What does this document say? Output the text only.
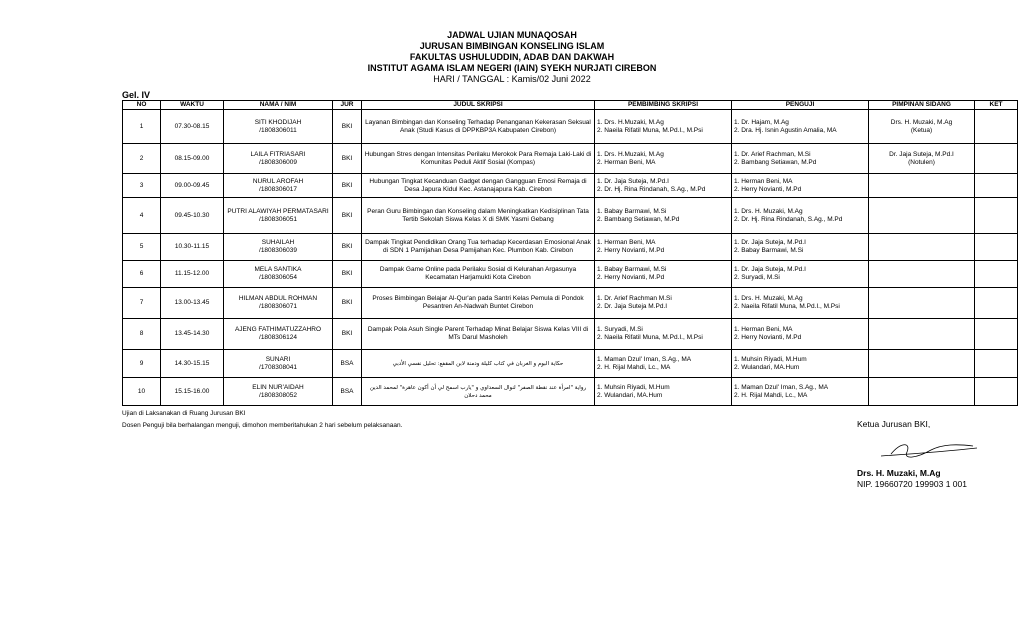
JADWAL UJIAN MUNAQOSAH
JURUSAN BIMBINGAN KONSELING ISLAM
FAKULTAS USHULUDDIN, ADAB DAN DAKWAH
INSTITUT AGAMA ISLAM NEGERI (IAIN) SYEKH NURJATI CIREBON
HARI / TANGGAL : Kamis/02 Juni 2022
Gel. IV
NO	WAKTU	NAMA / NIM	JUR	JUDUL SKRIPSI	PEMBIMBING SKRIPSI	PENGUJI	PIMPINAN SIDANG	KET
1	07.30-08.15	SITI KHODIJAH
/1808306011	BKI	Layanan Bimbingan dan Konseling Terhadap Penanganan Kekerasan Seksual Anak (Studi Kasus di DPPKBP3A Kabupaten Cirebon)	1. Drs. H.Muzaki, M.Ag
2. Naeila Rifatil Muna, M.Pd.I., M.Psi	1. Dr. Hajam, M.Ag
2. Dra. Hj. Isnin Agustin Amalia, MA	Drs. H. Muzaki, M.Ag
(Ketua)	

2	08.15-09.00	LAILA FITRIASARI
/1808306009	BKI	Hubungan Stres dengan Intensitas Perilaku Merokok Para Remaja Laki-Laki di Komunitas Peduli Aktif Sosial (Kompas)	1. Drs. H.Muzaki, M.Ag
2. Herman Beni, MA	1. Dr. Arief Rachman, M.Si
2. Bambang Setiawan, M.Pd	Dr. Jaja Suteja, M.Pd.I
(Notulen)	

3	09.00-09.45	NURUL AROFAH
/1808306017	BKI	Hubungan Tingkat Kecanduan Gadget dengan Gangguan Emosi Remaja di Desa Japura Kidul Kec. Astanajapura Kab. Cirebon	1. Dr. Jaja Suteja, M.Pd.I
2. Dr. Hj. Rina Rindanah, S.Ag., M.Pd	1. Herman Beni, MA
2. Herry Novianti, M.Pd		

4	09.45-10.30	PUTRI ALAWIYAH PERMATASARI
/1808306051	BKI	Peran Guru Bimbingan dan Konseling dalam Meningkatkan Kedisiplinan Tata Tertib Sekolah Siswa Kelas X di SMK Yasmi Gebang	1. Babay Barmawi, M.Si
2. Bambang Setiawan, M.Pd	1. Drs. H. Muzaki, M.Ag
2. Dr. Hj. Rina Rindanah, S.Ag., M.Pd		

5	10.30-11.15	SUHAILAH
/1808306039	BKI	Dampak Tingkat Pendidikan Orang Tua terhadap Kecerdasan Emosional Anak di SDN 1 Pamijahan Desa Pamijahan Kec. Plumbon Kab. Cirebon	1. Herman Beni, MA
2. Herry Novianti, M.Pd	1. Dr. Jaja Suteja, M.Pd.I
2. Babay Barmawi, M.Si		

6	11.15-12.00	MELA SANTIKA
/1808306054	BKI	Dampak Game Online pada Perilaku Sosial di Kelurahan Argasunya Kecamatan Harjamukti Kota Cirebon	1. Babay Barmawi, M.Si
2. Herry Novianti, M.Pd	1. Dr. Jaja Suteja, M.Pd.I
2. Suryadi, M.Si		

7	13.00-13.45	HILMAN ABDUL ROHMAN
/1808306071	BKI	Proses Bimbingan Belajar Al-Qur'an pada Santri Kelas Pemula di Pondok Pesantren An-Nadwah Buntet Cirebon	1. Dr. Arief Rachman M.Si
2. Dr. Jaja Suteja M.Pd.I	1. Drs. H. Muzaki, M.Ag
2. Naeila Rifatil Muna, M.Pd.I., M.Psi		

8	13.45-14.30	AJENG FATHIMATUZZAHRO
/1808306124	BKI	Dampak Pola Asuh Single Parent Terhadap Minat Belajar Siswa Kelas VIII di MTs Darul Masholeh	1. Suryadi, M.Si
2. Naeila Rifatil Muna, M.Pd.I., M.Psi	1. Herman Beni, MA
2. Herry Novianti, M.Pd		

9	14.30-15.15	SUNARI
/1708308041	BSA	حكاية البوم و الغربان في كتاب كليلة ودمنة لابن المقفع: تحليل نفسي الأدبي	1. Maman Dzul' Iman, S.Ag., MA
2. H. Rijal Mahdi, Lc., MA	1. Muhsin Riyadi, M.Hum
2. Wulandari, MA.Hum		

10	15.15-16.00	ELIN NUR'AIDAH
/1808308052	BSA	رواية "امرأة عند نقطة الصفر" لنوال السعداوي و "يارب اسمح لي أن أكون عاهرة" لمحمد الدين محمد دحلان	1. Muhsin Riyadi, M.Hum
2. Wulandari, MA.Hum	1. Maman Dzul' Iman, S.Ag., MA
2. H. Rijal Mahdi, Lc., MA		

Ujian di Laksanakan di Ruang Jurusan BKI
Dosen Penguji bila berhalangan menguji, dimohon memberitahukan 2 hari sebelum pelaksanaan.	Ketua Jurusan BKI,
Drs. H. Muzaki, M.Ag
NIP. 19660720 199903 1 001
